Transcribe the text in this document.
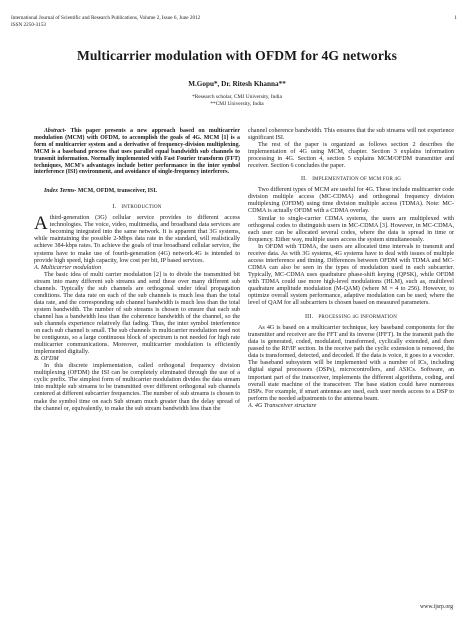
International Journal of Scientific and Research Publications, Volume 2, Issue 6, June 2012
ISSN 2250-3153
1
Multicarrier modulation with OFDM for 4G networks
M.Gopu*, Dr. Ritesh Khanna**
*Research scholar, CMJ University, India
**CMJ University, India

Abstract- This paper presents a new approach based on multicarrier modulation (MCM) with OFDM, to accomplish the goals of 4G. MCM [1] is a form of multicarrier system and a derivative of frequency-division multiplexing. MCM is a baseband process that uses parallel equal bandwidth sub channels to transmit information. Normally implemented with Fast Fourier transform (FFT) techniques, MCM's advantages include better performance in the inter symbol interference (ISI) environment, and avoidance of single-frequency interferers.

Index Terms- MCM, OFDM, transceiver, ISI.

I. INTRODUCTION

Athird-generation (3G) cellular service provides to different access technologies. The voice, video, multimedia, and broadband data services are becoming integrated into the same network. It is apparent that 3G systems, while maintaining the possible 2-Mbps data rate in the standard, will realistically achieve 384-kbps rates. To achieve the goals of true broadband cellular service, the systems have to make use of fourth-generation (4G) network.4G is intended to provide high speed, high capacity, low cost per bit, IP based services.

A. Multicarrier modulation

The basic idea of multi carrier modulation [2] is to divide the transmitted bit stream into many different sub streams and send these over many different sub channels. Typically the sub channels are orthogonal under ideal propagation conditions. The data rate on each of the sub channels is much less than the total data rate, and the corresponding sub channel bandwidth is much less than the total system bandwidth. The number of sub streams is chosen to ensure that each sub channel has a bandwidth less than the coherence bandwidth of the channel, so the sub channels experience relatively flat fading. Thus, the inter symbol interference on each sub channel is small. The sub channels in multicarrier modulation need not be contiguous, so a large continuous block of spectrum is not needed for high rate multicarrier communications. Moreover, multicarrier modulation is efficiently implemented digitally.

B. OFDM

In this discrete implementation, called orthogonal frequency division multiplexing (OFDM) the ISI can be completely eliminated through the use of a cyclic prefix. The simplest form of multicarrier modulation divides the data stream into multiple sub streams to be transmitted over different orthogonal sub channels centered at different subcarrier frequencies. The number of sub streams is chosen to make the symbol time on each Sub stream much greater than the delay spread of the channel or, equivalently, to make the sub stream bandwidth less than the

channel coherence bandwidth. This ensures that the sub streams will not experience significant ISI.

The rest of the paper is organized as follows section 2 describes the implementation of 4G using MCM, chapter. Section 3 explains information processing in 4G. Section 4, section 5 explains MCM/OFDM transmitter and receiver. Section 6 concludes the paper.

II. IMPLEMENTATION OF MCM FOR 4G

Two different types of MCM are useful for 4G. These include multicarrier code division multiple access (MC-CDMA) and orthogonal frequency division multiplexing (OFDM) using time division multiple access (TDMA). Note: MC-CDMA is actually OFDM with a CDMA overlay.

Similar to single-carrier CDMA systems, the users are multiplexed with orthogonal codes to distinguish users in MC-CDMA [3]. However, in MC-CDMA, each user can be allocated several codes, where the data is spread in time or frequency. Either way, multiple users access the system simultaneously.

In OFDM with TDMA, the users are allocated time intervals to transmit and receive data. As with 3G systems, 4G systems have to deal with issues of multiple access interference and timing. Differences between OFDM with TDMA and MC-CDMA can also be seen in the types of modulation used in each subcarrier. Typically, MC-CDMA uses quadrature phase-shift keying (QPSK), while OFDM with TDMA could use more high-level modulations (HLM), such as, multilevel quadrature amplitude modulation (M-QAM) (where M = 4 to 256). However, to optimize overall system performance, adaptive modulation can be used; where the level of QAM for all subcarriers is chosen based on measured parameters.

III. PROCESSING 4G INFORMATION

As 4G is based on a multicarrier technique, key baseband components for the transmitter and receiver are the FFT and its inverse (IFFT). In the transmit path the data is generated, coded, modulated, transformed, cyclically extended, and then passed to the RF/IF section. In the receive path the cyclic extension is removed, the data is transformed, detected, and decoded. If the data is voice, it goes to a vocoder. The baseband subsystem will be implemented with a number of ICs, including digital signal processors (DSPs), microcontrollers, and ASICs. Software, an important part of the transceiver, implements the different algorithms, coding, and overall state machine of the transceiver. The base station could have numerous DSPs. For example, if smart antennas are used, each user needs access to a DSP to perform the needed adjustments to the antenna beam.

A. 4G Transceiver structure

www.ijsrp.org
